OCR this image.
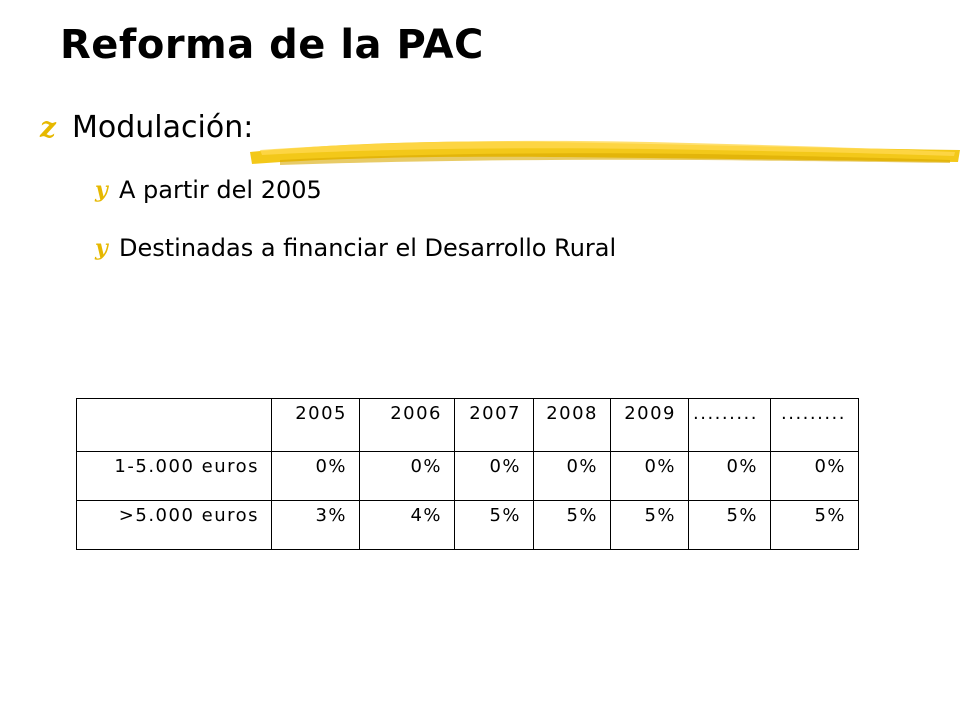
Reforma de la PAC
z Modulación:
y A partir del 2005
y Destinadas a financiar el Desarrollo Rural
	2005	2006	2007	2008	2009	.........	.........
1-5.000 euros	0%	0%	0%	0%	0%	0%	0%
>5.000 euros	3%	4%	5%	5%	5%	5%	5%
